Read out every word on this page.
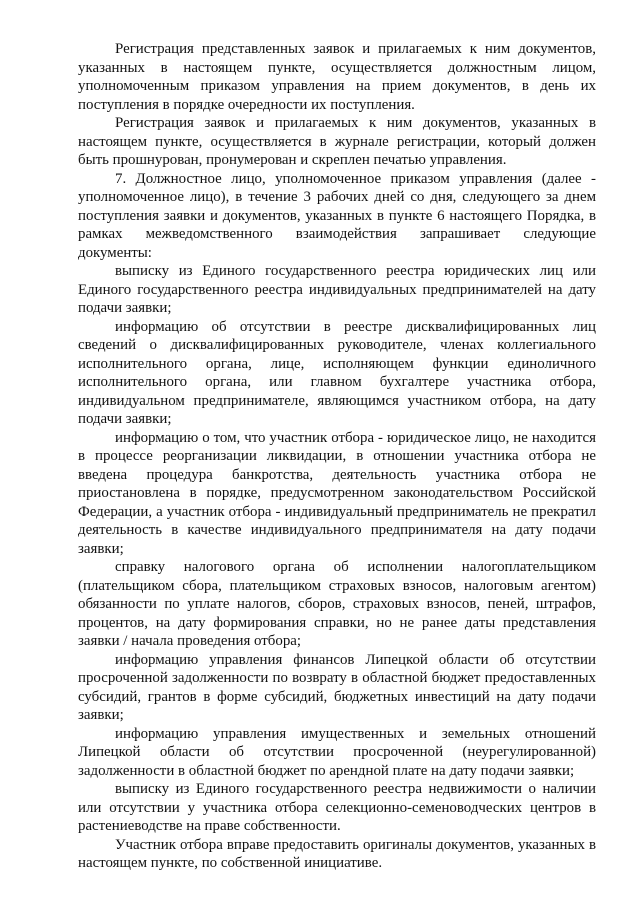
Регистрация представленных заявок и прилагаемых к ним документов, указанных в настоящем пункте, осуществляется должностным лицом, уполномоченным приказом управления на прием документов, в день их поступления в порядке очередности их поступления.

Регистрация заявок и прилагаемых к ним документов, указанных в настоящем пункте, осуществляется в журнале регистрации, который должен быть прошнурован, пронумерован и скреплен печатью управления.

7. Должностное лицо, уполномоченное приказом управления (далее - уполномоченное лицо), в течение 3 рабочих дней со дня, следующего за днем поступления заявки и документов, указанных в пункте 6 настоящего Порядка, в рамках межведомственного взаимодействия запрашивает следующие документы:

выписку из Единого государственного реестра юридических лиц или Единого государственного реестра индивидуальных предпринимателей на дату подачи заявки;

информацию об отсутствии в реестре дисквалифицированных лиц сведений о дисквалифицированных руководителе, членах коллегиального исполнительного органа, лице, исполняющем функции единоличного исполнительного органа, или главном бухгалтере участника отбора, индивидуальном предпринимателе, являющимся участником отбора, на дату подачи заявки;

информацию о том, что участник отбора - юридическое лицо, не находится в процессе реорганизации ликвидации, в отношении участника отбора не введена процедура банкротства, деятельность участника отбора не приостановлена в порядке, предусмотренном законодательством Российской Федерации, а участник отбора - индивидуальный предприниматель не прекратил деятельность в качестве индивидуального предпринимателя на дату подачи заявки;

справку налогового органа об исполнении налогоплательщиком (плательщиком сбора, плательщиком страховых взносов, налоговым агентом) обязанности по уплате налогов, сборов, страховых взносов, пеней, штрафов, процентов, на дату формирования справки, но не ранее даты представления заявки / начала проведения отбора;

информацию управления финансов Липецкой области об отсутствии просроченной задолженности по возврату в областной бюджет предоставленных субсидий, грантов в форме субсидий, бюджетных инвестиций на дату подачи заявки;

информацию управления имущественных и земельных отношений Липецкой области об отсутствии просроченной (неурегулированной) задолженности в областной бюджет по арендной плате на дату подачи заявки;

выписку из Единого государственного реестра недвижимости о наличии или отсутствии у участника отбора селекционно-семеноводческих центров в растениеводстве на праве собственности.

Участник отбора вправе предоставить оригиналы документов, указанных в настоящем пункте, по собственной инициативе.
